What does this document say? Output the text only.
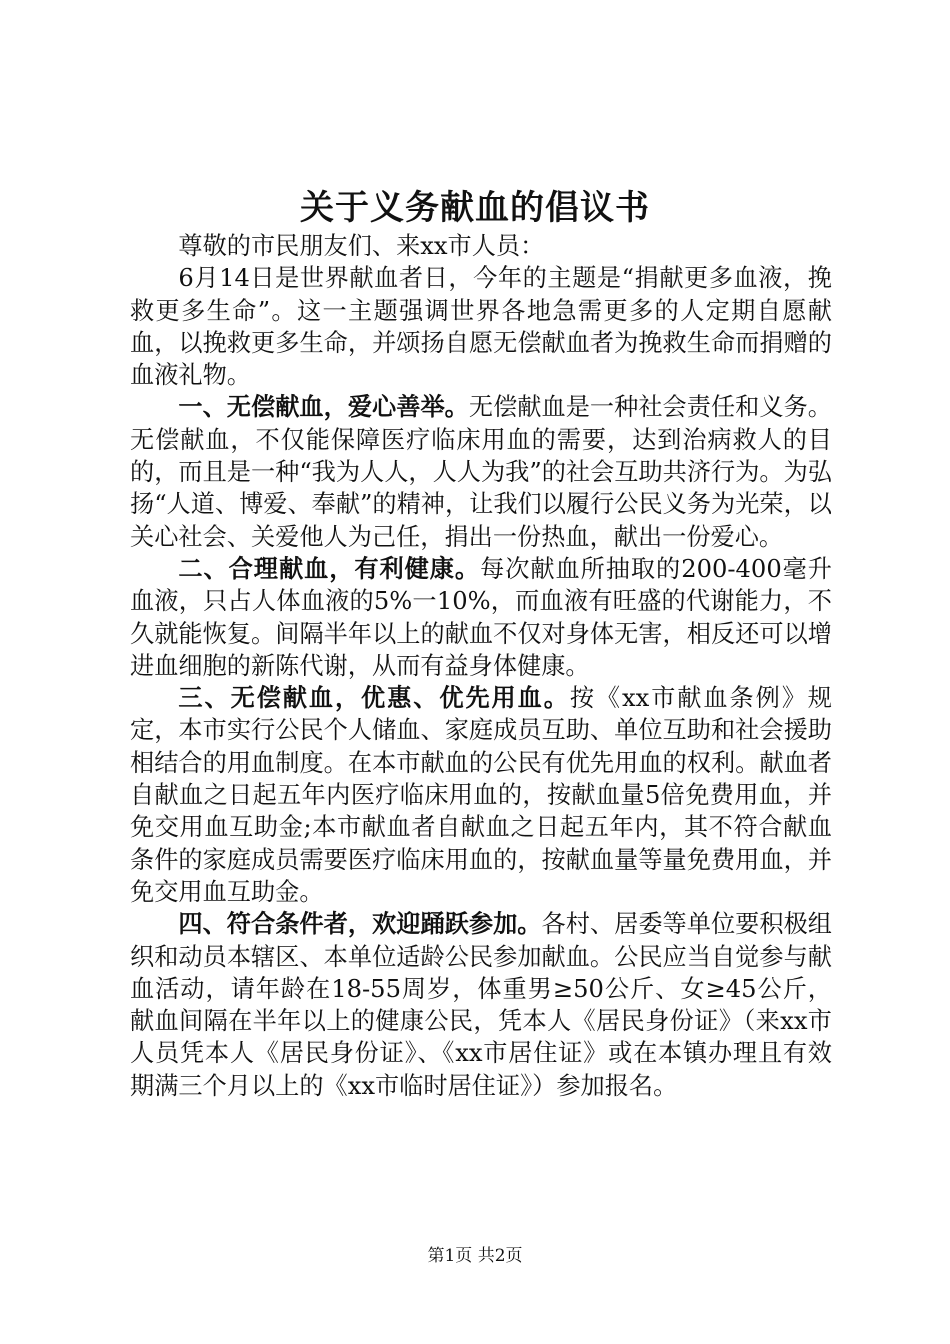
关于义务献血的倡议书

尊敬的市民朋友们、来xx市人员：

6月14日是世界献血者日，今年的主题是“捐献更多血液，挽救更多生命”。这一主题强调世界各地急需更多的人定期自愿献血，以挽救更多生命，并颂扬自愿无偿献血者为挽救生命而捐赠的血液礼物。

一、无偿献血，爱心善举。无偿献血是一种社会责任和义务。无偿献血，不仅能保障医疗临床用血的需要，达到治病救人的目的，而且是一种“我为人人，人人为我”的社会互助共济行为。为弘扬“人道、博爱、奉献”的精神，让我们以履行公民义务为光荣，以关心社会、关爱他人为己任，捐出一份热血，献出一份爱心。

二、合理献血，有利健康。每次献血所抽取的200-400毫升血液，只占人体血液的5%一10%，而血液有旺盛的代谢能力，不久就能恢复。间隔半年以上的献血不仅对身体无害，相反还可以增进血细胞的新陈代谢，从而有益身体健康。

三、无偿献血，优惠、优先用血。按《xx市献血条例》规定，本市实行公民个人储血、家庭成员互助、单位互助和社会援助相结合的用血制度。在本市献血的公民有优先用血的权利。献血者自献血之日起五年内医疗临床用血的，按献血量5倍免费用血，并免交用血互助金;本市献血者自献血之日起五年内，其不符合献血条件的家庭成员需要医疗临床用血的，按献血量等量免费用血，并免交用血互助金。

四、符合条件者，欢迎踊跃参加。各村、居委等单位要积极组织和动员本辖区、本单位适龄公民参加献血。公民应当自觉参与献血活动，请年龄在18-55周岁，体重男≥50公斤、女≥45公斤，献血间隔在半年以上的健康公民，凭本人《居民身份证》（来xx市人员凭本人《居民身份证》、《xx市居住证》或在本镇办理且有效期满三个月以上的《xx市临时居住证》）参加报名。

第1页 共2页
